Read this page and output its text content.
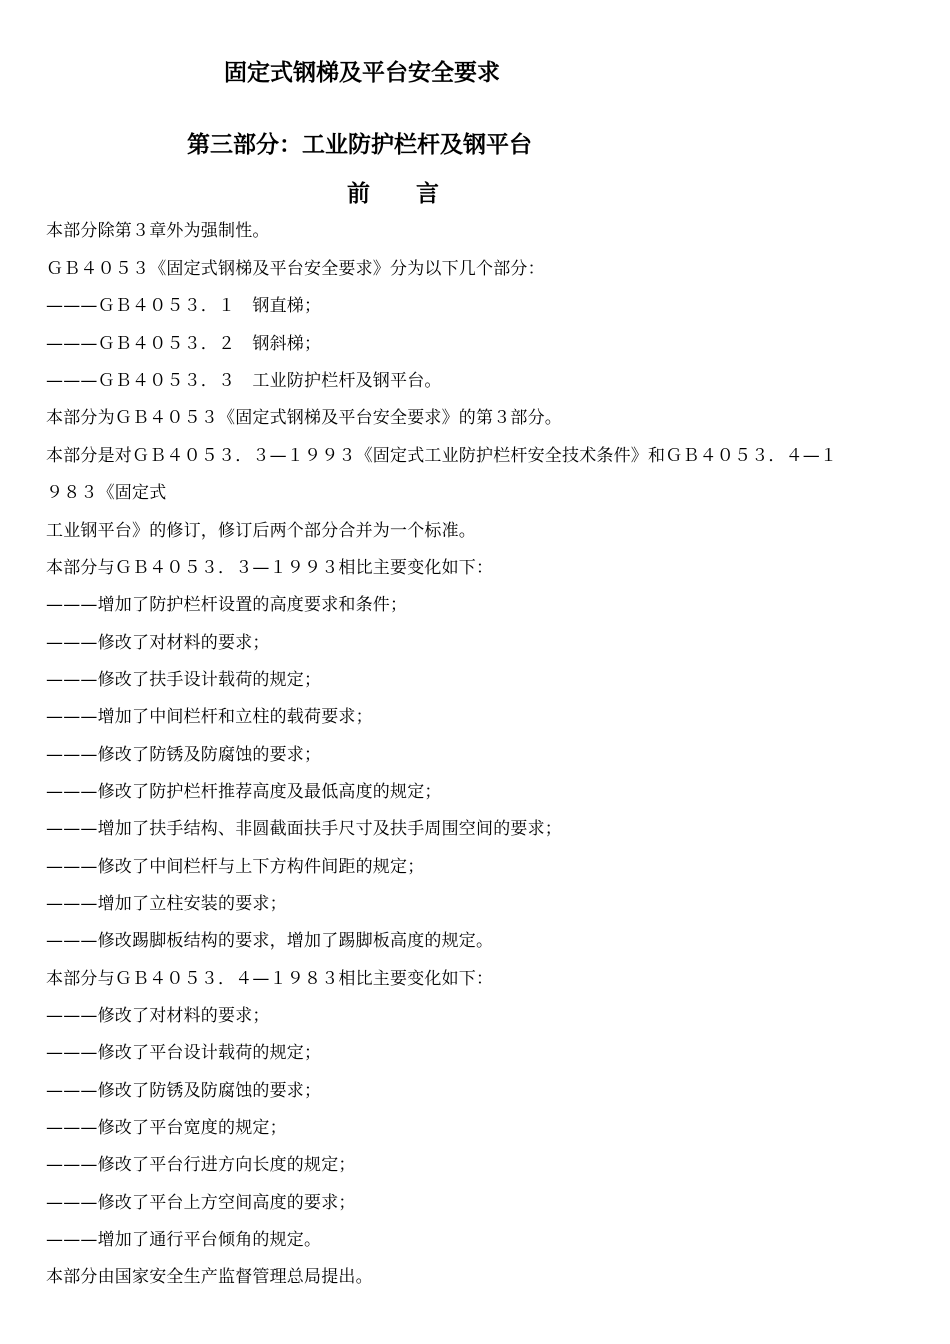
固定式钢梯及平台安全要求
第三部分：工业防护栏杆及钢平台
前　　言
本部分除第３章外为强制性。
ＧＢ４０５３《固定式钢梯及平台安全要求》分为以下几个部分：
———ＧＢ４０５３．１　钢直梯；
———ＧＢ４０５３．２　钢斜梯；
———ＧＢ４０５３．３　工业防护栏杆及钢平台。
本部分为ＧＢ４０５３《固定式钢梯及平台安全要求》的第３部分。
本部分是对ＧＢ４０５３．３—１９９３《固定式工业防护栏杆安全技术条件》和ＧＢ４０５３．４—１
９８３《固定式
工业钢平台》的修订，修订后两个部分合并为一个标准。
本部分与ＧＢ４０５３．３—１９９３相比主要变化如下：
———增加了防护栏杆设置的高度要求和条件；
———修改了对材料的要求；
———修改了扶手设计载荷的规定；
———增加了中间栏杆和立柱的载荷要求；
———修改了防锈及防腐蚀的要求；
———修改了防护栏杆推荐高度及最低高度的规定；
———增加了扶手结构、非圆截面扶手尺寸及扶手周围空间的要求；
———修改了中间栏杆与上下方构件间距的规定；
———增加了立柱安装的要求；
———修改踢脚板结构的要求，增加了踢脚板高度的规定。
本部分与ＧＢ４０５３．４—１９８３相比主要变化如下：
———修改了对材料的要求；
———修改了平台设计载荷的规定；
———修改了防锈及防腐蚀的要求；
———修改了平台宽度的规定；
———修改了平台行进方向长度的规定；
———修改了平台上方空间高度的要求；
———增加了通行平台倾角的规定。
本部分由国家安全生产监督管理总局提出。
